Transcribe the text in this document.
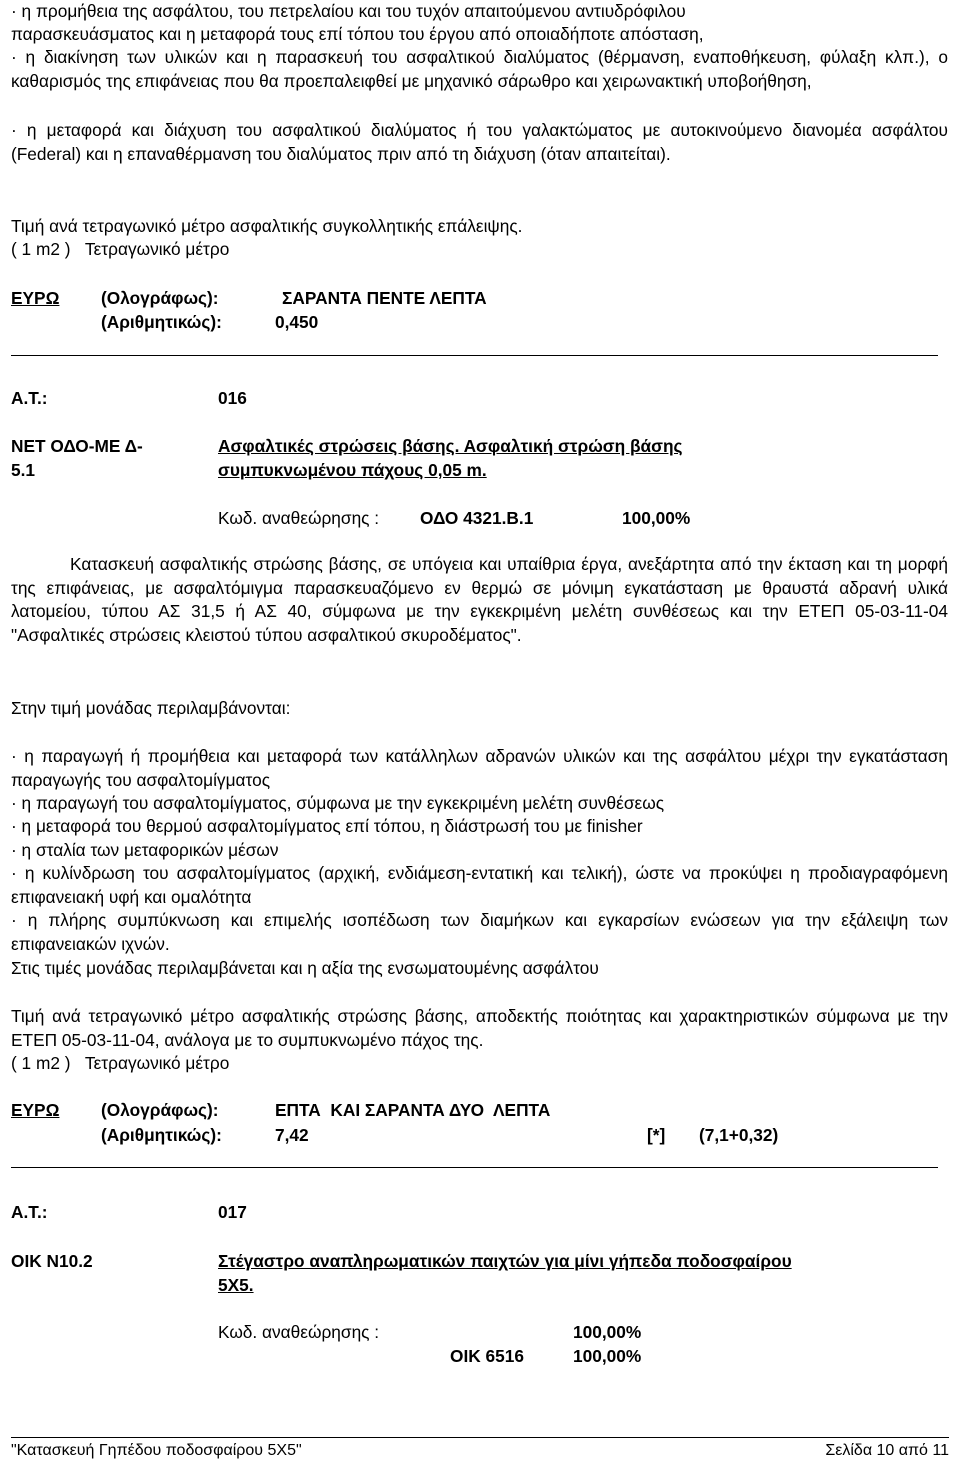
· η προμήθεια της ασφάλτου, του πετρελαίου και του τυχόν απαιτούμενου αντιυδρόφιλου
παρασκευάσματος και η μεταφορά τους επί τόπου του έργου από οποιαδήποτε απόσταση,

· η διακίνηση των υλικών και η παρασκευή του ασφαλτικού διαλύματος (θέρμανση, εναποθήκευση, φύλαξη κλπ.), ο καθαρισμός της επιφάνειας που θα προεπαλειφθεί με μηχανικό σάρωθρο και χειρωνακτική υποβοήθηση,

· η μεταφορά και διάχυση του ασφαλτικού διαλύματος ή του γαλακτώματος με αυτοκινούμενο διανομέα ασφάλτου (Federal) και η επαναθέρμανση του διαλύματος πριν από τη διάχυση (όταν απαιτείται).

Τιμή ανά τετραγωνικό μέτρο ασφαλτικής συγκολλητικής επάλειψης.
( 1 m2 )   Τετραγωνικό μέτρο
ΕΥΡΩ (Ολογράφως):	ΣΑΡΑΝΤΑ ΠΕΝΤΕ ΛΕΠΤΑ
(Αριθμητικώς):	0,450
Α.Τ.:	016
ΝΕΤ ΟΔΟ-ΜΕ Δ-
5.1
Ασφαλτικές στρώσεις βάσης. Ασφαλτική στρώση βάσης
συμπυκνωμένου πάχους 0,05 m.
Κωδ. αναθεώρησης : ΟΔΟ 4321.Β.1	100,00%

Κατασκευή ασφαλτικής στρώσης βάσης, σε υπόγεια και υπαίθρια έργα, ανεξάρτητα από την έκταση και τη μορφή της επιφάνειας, με ασφαλτόμιγμα παρασκευαζόμενο εν θερμώ σε μόνιμη εγκατάσταση με θραυστά αδρανή υλικά λατομείου, τύπου ΑΣ 31,5 ή ΑΣ 40, σύμφωνα με την εγκεκριμένη μελέτη συνθέσεως και την ΕΤΕΠ 05-03-11-04 "Ασφαλτικές στρώσεις κλειστού τύπου ασφαλτικού σκυροδέματος".

Στην τιμή μονάδας περιλαμβάνονται:

· η παραγωγή ή προμήθεια και μεταφορά των κατάλληλων αδρανών υλικών και της ασφάλτου μέχρι την εγκατάσταση παραγωγής του ασφαλτομίγματος

· η παραγωγή του ασφαλτομίγματος, σύμφωνα με την εγκεκριμένη μελέτη συνθέσεως
· η μεταφορά του θερμού ασφαλτομίγματος επί τόπου, η διάστρωσή του με finisher
· η σταλία των μεταφορικών μέσων

· η κυλίνδρωση του ασφαλτομίγματος (αρχική, ενδιάμεση-εντατική και τελική), ώστε να προκύψει η προδιαγραφόμενη επιφανειακή υφή και ομαλότητα

· η πλήρης συμπύκνωση και επιμελής ισοπέδωση των διαμήκων και εγκαρσίων ενώσεων για την εξάλειψη των επιφανειακών ιχνών.

Στις τιμές μονάδας περιλαμβάνεται και η αξία της ενσωματουμένης ασφάλτου

Τιμή ανά τετραγωνικό μέτρο ασφαλτικής στρώσης βάσης, αποδεκτής ποιότητας και χαρακτηριστικών σύμφωνα με την ΕΤΕΠ 05-03-11-04, ανάλογα με το συμπυκνωμένο πάχος της.

( 1 m2 )   Τετραγωνικό μέτρο
ΕΥΡΩ (Ολογράφως):	ΕΠΤΑ  ΚΑΙ ΣΑΡΑΝΤΑ ΔΥΟ  ΛΕΠΤΑ
(Αριθμητικώς):	7,42	[*] (7,1+0,32)
Α.Τ.:	017
ΟΙΚ Ν10.2	Στέγαστρο αναπληρωματικών παιχτών για μίνι γήπεδα ποδοσφαίρου
5Χ5.
Κωδ. αναθεώρησης :	100,00%
ΟΙΚ 6516	100,00%
"Κατασκευή Γηπέδου ποδοσφαίρου 5Χ5"	Σελίδα 10 από 11
